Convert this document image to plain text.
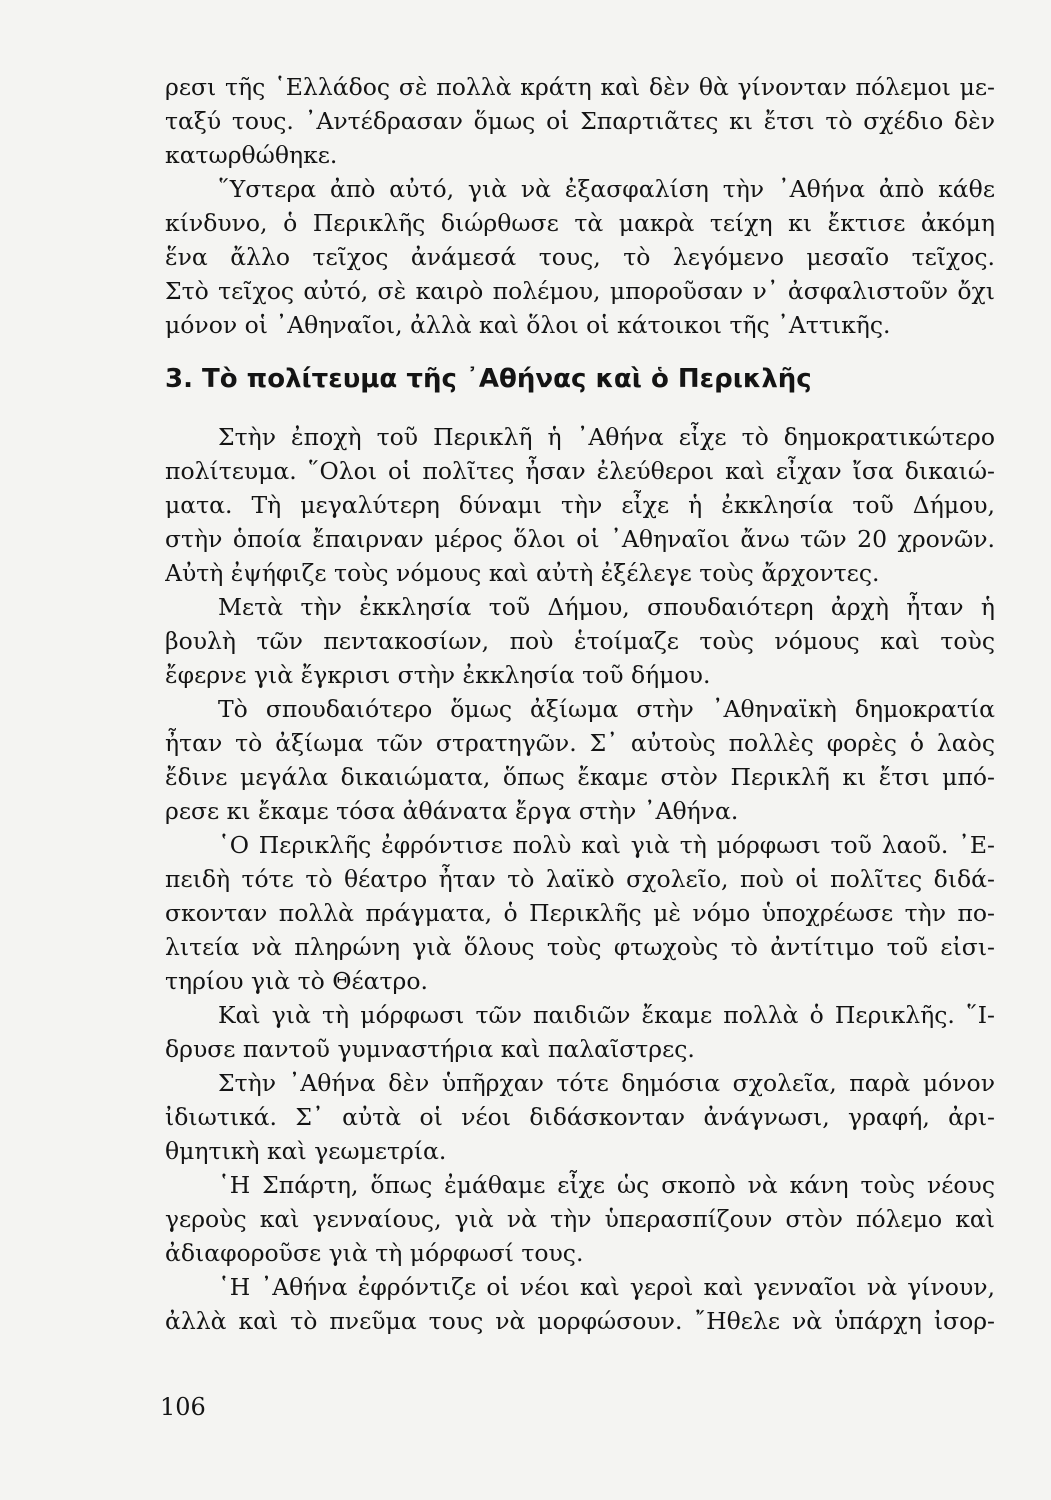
ρεσι τῆς ῾Ελλάδος σὲ πολλὰ κράτη καὶ δὲν θὰ γίνονταν πόλεμοι με-
ταξύ τους. ᾿Αντέδρασαν ὅμως οἱ Σπαρτιᾶτες κι ἔτσι τὸ σχέδιο δὲν
κατωρθώθηκε.
῞Υστερα ἀπὸ αὐτό, γιὰ νὰ ἐξασφαλίση τὴν ᾿Αθήνα ἀπὸ κάθε
κίνδυνο, ὁ Περικλῆς διώρθωσε τὰ μακρὰ τείχη κι ἔκτισε ἀκόμη
ἕνα ἄλλο τεῖχος ἀνάμεσά τους, τὸ λεγόμενο μεσαῖο τεῖχος.
Στὸ τεῖχος αὐτό, σὲ καιρὸ πολέμου, μποροῦσαν ν᾿ ἀσφαλιστοῦν ὄχι
μόνον οἱ ᾿Αθηναῖοι, ἀλλὰ καὶ ὅλοι οἱ κάτοικοι τῆς ᾿Αττικῆς.
3. Τὸ πολίτευμα τῆς ᾿Αθήνας καὶ ὁ Περικλῆς
Στὴν ἐποχὴ τοῦ Περικλῆ ἡ ᾿Αθήνα εἶχε τὸ δημοκρατικώτερο
πολίτευμα. ῞Ολοι οἱ πολῖτες ἦσαν ἐλεύθεροι καὶ εἶχαν ἴσα δικαιώ-
ματα. Τὴ μεγαλύτερη δύναμι τὴν εἶχε ἡ ἐκκλησία τοῦ Δήμου,
στὴν ὁποία ἔπαιρναν μέρος ὅλοι οἱ ᾿Αθηναῖοι ἄνω τῶν 20 χρονῶν.
Αὐτὴ ἐψήφιζε τοὺς νόμους καὶ αὐτὴ ἐξέλεγε τοὺς ἄρχοντες.
Μετὰ τὴν ἐκκλησία τοῦ Δήμου, σπουδαιότερη ἀρχὴ ἦταν ἡ
βουλὴ τῶν πεντακοσίων, ποὺ ἑτοίμαζε τοὺς νόμους καὶ τοὺς
ἔφερνε γιὰ ἔγκρισι στὴν ἐκκλησία τοῦ δήμου.
Τὸ σπουδαιότερο ὅμως ἀξίωμα στὴν ᾿Αθηναϊκὴ δημοκρατία
ἦταν τὸ ἀξίωμα τῶν στρατηγῶν. Σ᾿ αὐτοὺς πολλὲς φορὲς ὁ λαὸς
ἔδινε μεγάλα δικαιώματα, ὅπως ἔκαμε στὸν Περικλῆ κι ἔτσι μπό-
ρεσε κι ἔκαμε τόσα ἀθάνατα ἔργα στὴν ᾿Αθήνα.
῾Ο Περικλῆς ἐφρόντισε πολὺ καὶ γιὰ τὴ μόρφωσι τοῦ λαοῦ. ᾿Ε-
πειδὴ τότε τὸ θέατρο ἦταν τὸ λαϊκὸ σχολεῖο, ποὺ οἱ πολῖτες διδά-
σκονταν πολλὰ πράγματα, ὁ Περικλῆς μὲ νόμο ὑποχρέωσε τὴν πο-
λιτεία νὰ πληρώνη γιὰ ὅλους τοὺς φτωχοὺς τὸ ἀντίτιμο τοῦ εἰσι-
τηρίου γιὰ τὸ Θέατρο.
Καὶ γιὰ τὴ μόρφωσι τῶν παιδιῶν ἔκαμε πολλὰ ὁ Περικλῆς. ῞Ι-
δρυσε παντοῦ γυμναστήρια καὶ παλαῖστρες.
Στὴν ᾿Αθήνα δὲν ὑπῆρχαν τότε δημόσια σχολεῖα, παρὰ μόνον
ἰδιωτικά. Σ᾿ αὐτὰ οἱ νέοι διδάσκονταν ἀνάγνωσι, γραφή, ἀρι-
θμητικὴ καὶ γεωμετρία.
῾Η Σπάρτη, ὅπως ἐμάθαμε εἶχε ὡς σκοπὸ νὰ κάνη τοὺς νέους
γεροὺς καὶ γενναίους, γιὰ νὰ τὴν ὑπερασπίζουν στὸν πόλεμο καὶ
ἀδιαφοροῦσε γιὰ τὴ μόρφωσί τους.
῾Η ᾿Αθήνα ἐφρόντιζε οἱ νέοι καὶ γεροὶ καὶ γενναῖοι νὰ γίνουν,
ἀλλὰ καὶ τὸ πνεῦμα τους νὰ μορφώσουν. ῎Ηθελε νὰ ὑπάρχη ἰσορ-
106
